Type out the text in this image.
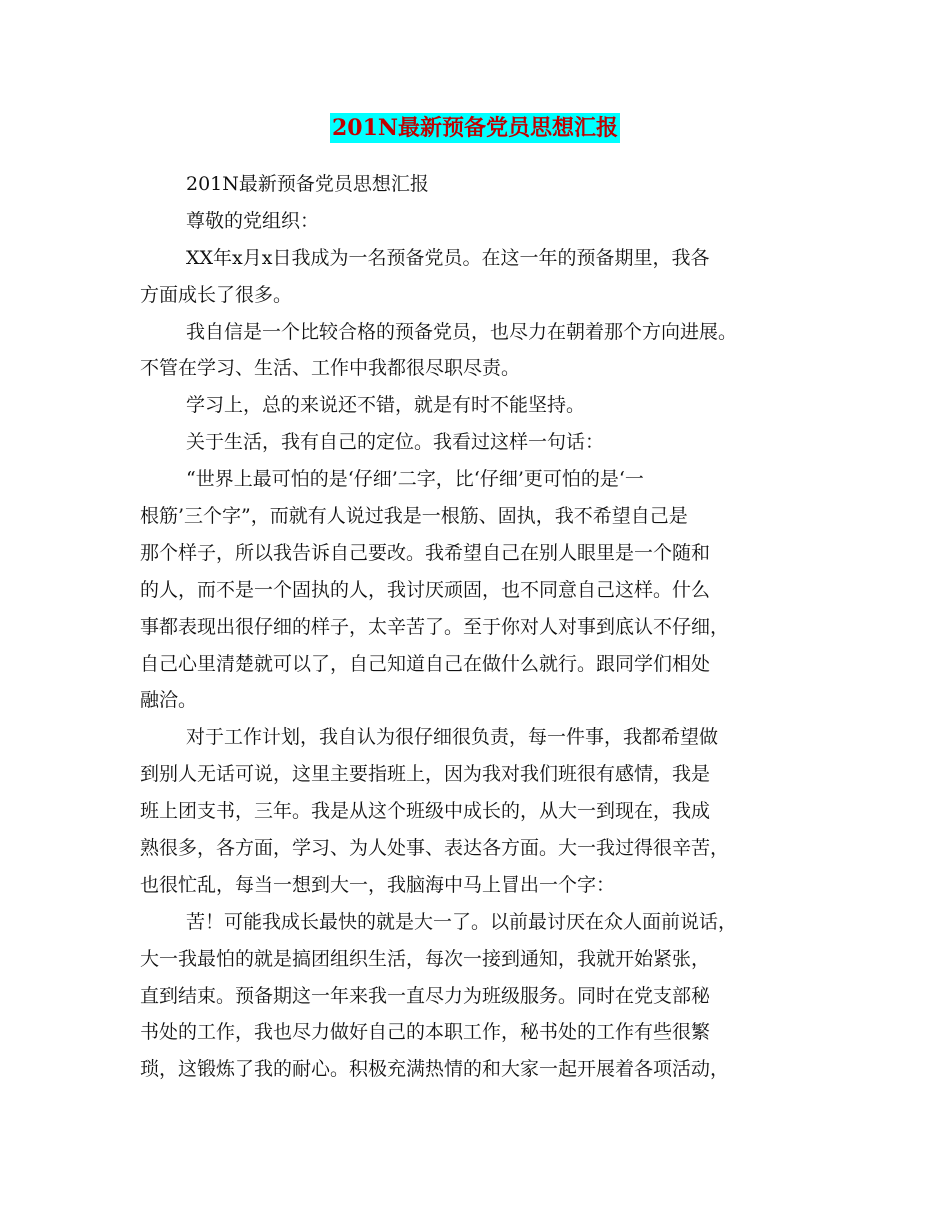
201N最新预备党员思想汇报
201N最新预备党员思想汇报
尊敬的党组织：
XX年x月x日我成为一名预备党员。在这一年的预备期里，我各
方面成长了很多。
我自信是一个比较合格的预备党员，也尽力在朝着那个方向进展。
不管在学习、生活、工作中我都很尽职尽责。
学习上，总的来说还不错，就是有时不能坚持。
关于生活，我有自己的定位。我看过这样一句话：
“世界上最可怕的是‘仔细’二字，比‘仔细’更可怕的是‘一
根筋’三个字”，而就有人说过我是一根筋、固执，我不希望自己是
那个样子，所以我告诉自己要改。我希望自己在别人眼里是一个随和
的人，而不是一个固执的人，我讨厌顽固，也不同意自己这样。什么
事都表现出很仔细的样子，太辛苦了。至于你对人对事到底认不仔细，
自己心里清楚就可以了，自己知道自己在做什么就行。跟同学们相处
融洽。
对于工作计划，我自认为很仔细很负责，每一件事，我都希望做
到别人无话可说，这里主要指班上，因为我对我们班很有感情，我是
班上团支书，三年。我是从这个班级中成长的，从大一到现在，我成
熟很多，各方面，学习、为人处事、表达各方面。大一我过得很辛苦，
也很忙乱，每当一想到大一，我脑海中马上冒出一个字：
苦！可能我成长最快的就是大一了。以前最讨厌在众人面前说话，
大一我最怕的就是搞团组织生活，每次一接到通知，我就开始紧张，
直到结束。预备期这一年来我一直尽力为班级服务。同时在党支部秘
书处的工作，我也尽力做好自己的本职工作，秘书处的工作有些很繁
琐，这锻炼了我的耐心。积极充满热情的和大家一起开展着各项活动，
